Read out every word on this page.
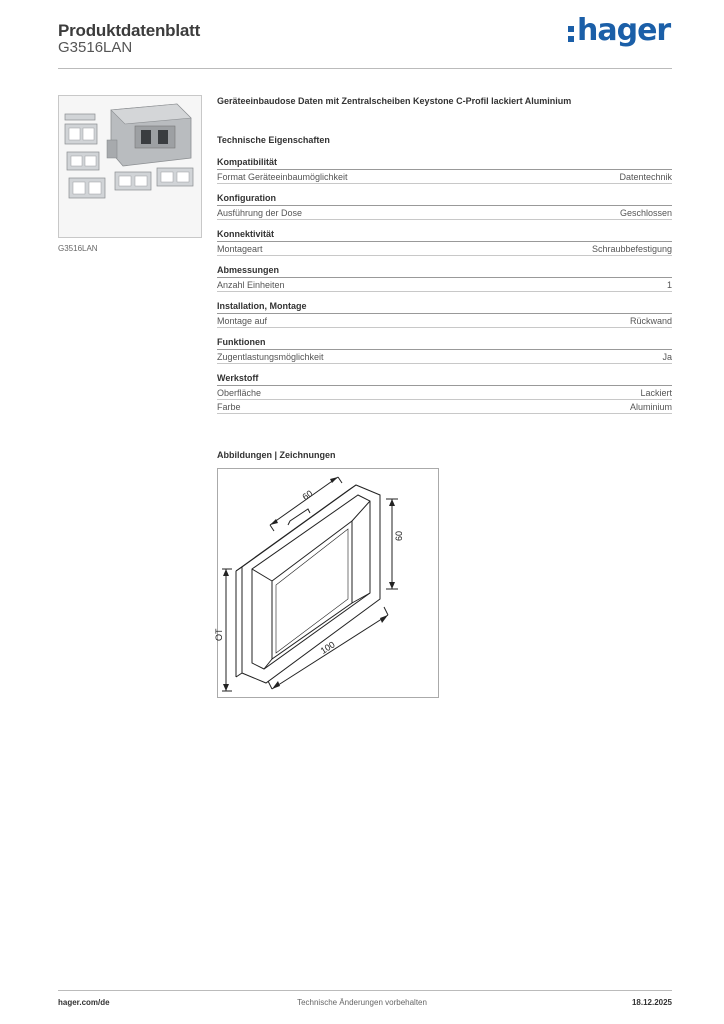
Produktdatenblatt
G3516LAN	hager
G3516LAN
Geräteeinbaudose Daten mit Zentralscheiben Keystone C-Profil lackiert Aluminium
Technische Eigenschaften
Kompatibilität
Format Geräteeinbaumöglichkeit	Datentechnik
Konfiguration
Ausführung der Dose	Geschlossen
Konnektivität
Montageart	Schraubbefestigung
Abmessungen
Anzahl Einheiten	1
Installation, Montage
Montage auf	Rückwand
Funktionen
Zugentlastungsmöglichkeit	Ja
Werkstoff
Oberfläche	Lackiert
Farbe	Aluminium
Abbildungen | Zeichnungen
60
60
100
OT
hager.com/de	Technische Änderungen vorbehalten	18.12.2025
